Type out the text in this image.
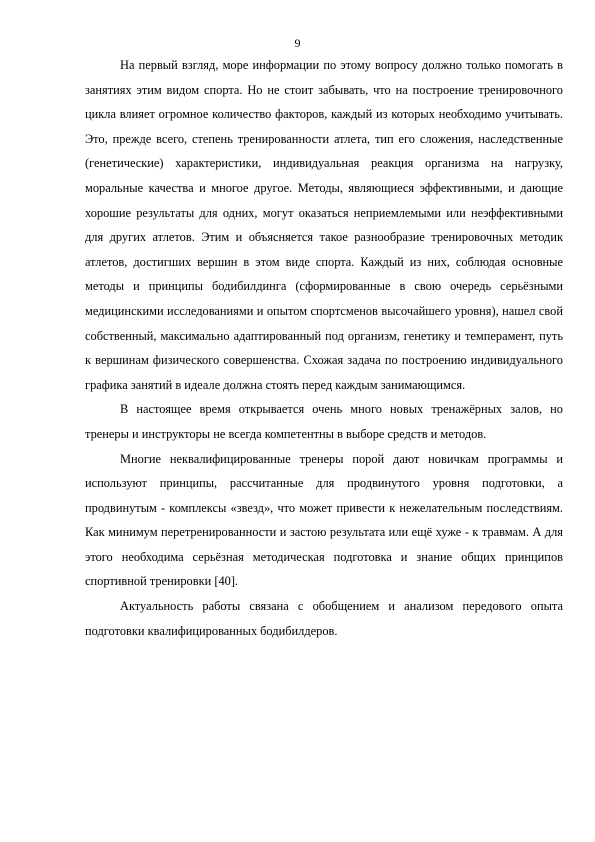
9

На первый взгляд, море информации по этому вопросу должно только помогать в занятиях этим видом спорта. Но не стоит забывать, что на построение тренировочного цикла влияет огромное количество факторов, каждый из которых необходимо учитывать. Это, прежде всего, степень тренированности атлета, тип его сложения, наследственные (генетические) характеристики, индивидуальная реакция организма на нагрузку, моральные качества и многое другое. Методы, являющиеся эффективными, и дающие хорошие результаты для одних, могут оказаться неприемлемыми или неэффективными для других атлетов. Этим и объясняется такое разнообразие тренировочных методик атлетов, достигших вершин в этом виде спорта. Каждый из них, соблюдая основные методы и принципы бодибилдинга (сформированные в свою очередь серьёзными медицинскими исследованиями и опытом спортсменов высочайшего уровня), нашел свой собственный, максимально адаптированный под организм, генетику и темперамент, путь к вершинам физического совершенства. Схожая задача по построению индивидуального графика занятий в идеале должна стоять перед каждым занимающимся.

В настоящее время открывается очень много новых тренажёрных залов, но тренеры и инструкторы не всегда компетентны в выборе средств и методов.

Многие неквалифицированные тренеры порой дают новичкам программы и используют принципы, рассчитанные для продвинутого уровня подготовки, а продвинутым - комплексы «звезд», что может привести к нежелательным последствиям. Как минимум перетренированности и застою результата или ещё хуже - к травмам. А для этого необходима серьёзная методическая подготовка и знание общих принципов спортивной тренировки [40].

Актуальность работы связана с обобщением и анализом передового опыта подготовки квалифицированных бодибилдеров.
